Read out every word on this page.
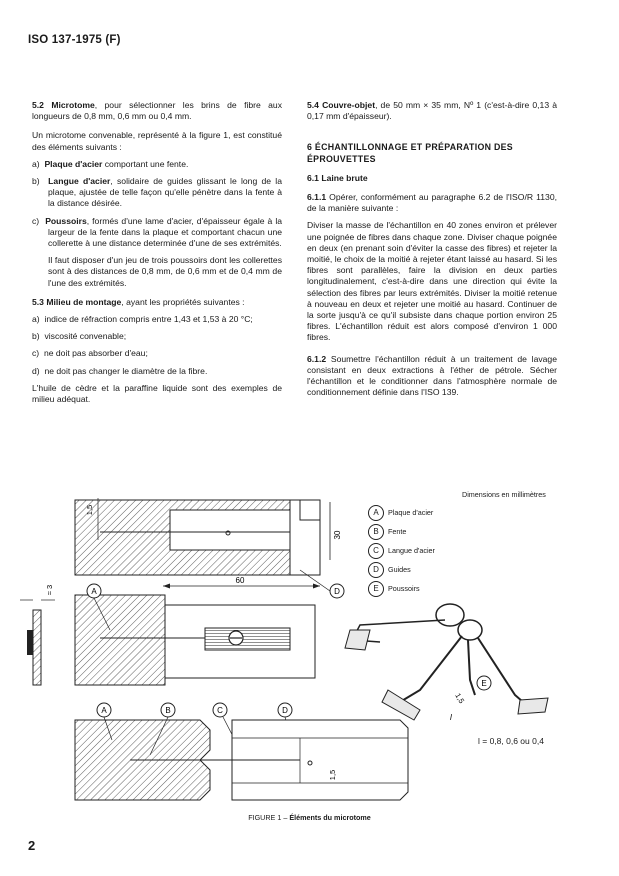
ISO 137-1975 (F)

5.2 Microtome, pour sélectionner les brins de fibre aux longueurs de 0,8 mm, 0,6 mm ou 0,4 mm.

Un microtome convenable, représenté à la figure 1, est constitué des éléments suivants :

a) Plaque d'acier comportant une fente.
b) Langue d'acier, solidaire de guides glissant le long de la plaque, ajustée de telle façon qu'elle pénètre dans la fente à la distance désirée.
c) Poussoirs, formés d'une lame d'acier, d'épaisseur égale à la largeur de la fente dans la plaque et comportant chacun une collerette à une distance determinée d'une de ses extrémités.

Il faut disposer d'un jeu de trois poussoirs dont les collerettes sont à des distances de 0,8 mm, de 0,6 mm et de 0,4 mm de l'une des extrémités.

5.3 Milieu de montage, ayant les propriétés suivantes :

a) indice de réfraction compris entre 1,43 et 1,53 à 20 °C;
b) viscosité convenable;
c) ne doit pas absorber d'eau;
d) ne doit pas changer le diamètre de la fibre.

L'huile de cèdre et la paraffine liquide sont des exemples de milieu adéquat.

5.4 Couvre-objet, de 50 mm × 35 mm, Nº 1 (c'est-à-dire 0,13 à 0,17 mm d'épaisseur).

6 ÉCHANTILLONNAGE ET PRÉPARATION DES ÉPROUVETTES
6.1 Laine brute

6.1.1 Opérer, conformément au paragraphe 6.2 de l'ISO/R 1130, de la manière suivante :

Diviser la masse de l'échantillon en 40 zones environ et prélever une poignée de fibres dans chaque zone. Diviser chaque poignée en deux (en prenant soin d'éviter la casse des fibres) et rejeter la moitié, le choix de la moitié à rejeter étant laissé au hasard. Si les fibres sont parallèles, faire la division en deux parties longitudinalement, c'est-à-dire dans une direction qui évite la sélection des fibres par leurs extrémités. Diviser la moitié retenue à nouveau en deux et rejeter une moitié au hasard. Continuer de la sorte jusqu'à ce qu'il subsiste dans chaque portion environ 25 fibres. L'échantillon réduit est alors composé d'environ 1 000 fibres.

6.1.2 Soumettre l'échantillon réduit à un traitement de lavage consistant en deux extractions à l'éther de pétrole. Sécher l'échantillon et le conditionner dans l'atmosphère normale de conditionnement définie dans l'ISO 139.

Dimensions en millimètres
A Plaque d'acier
B Fente
C Langue d'acier
D Guides
E Poussoirs
30
1,5
60
≈ 3	A	D
A	B	C	D
1,5
1,5
l
E
l = 0,8, 0,6 ou 0,4
FIGURE 1 – Éléments du microtome
2
